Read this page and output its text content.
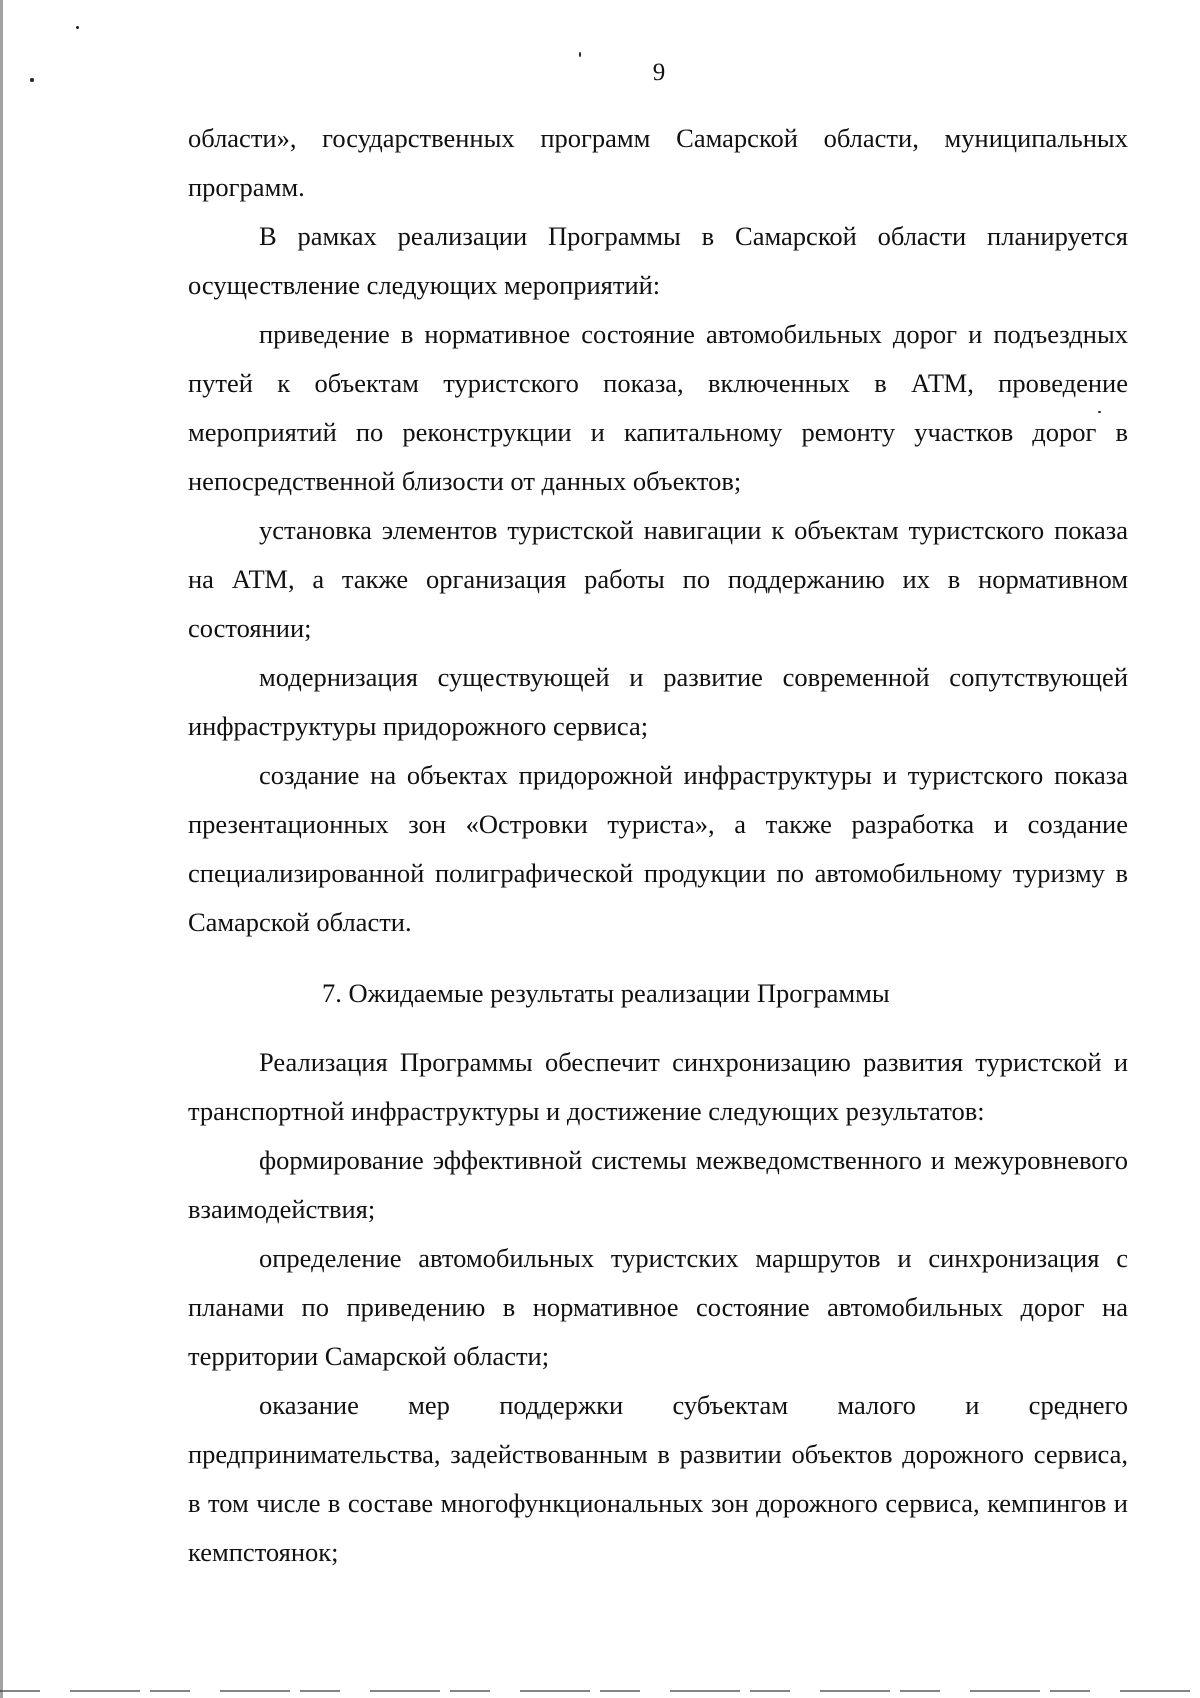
9

области», государственных программ Самарской области, муниципальных программ.

В рамках реализации Программы в Самарской области планируется осуществление следующих мероприятий:

приведение в нормативное состояние автомобильных дорог и подъездных путей к объектам туристского показа, включенных в АТМ, проведение мероприятий по реконструкции и капитальному ремонту участков дорог в непосредственной близости от данных объектов;

установка элементов туристской навигации к объектам туристского показа на АТМ, а также организация работы по поддержанию их в нормативном состоянии;

модернизация существующей и развитие современной сопутствующей инфраструктуры придорожного сервиса;

создание на объектах придорожной инфраструктуры и туристского показа презентационных зон «Островки туриста», а также разработка и создание специализированной полиграфической продукции по автомобильному туризму в Самарской области.

7. Ожидаемые результаты реализации Программы

Реализация Программы обеспечит синхронизацию развития туристской и транспортной инфраструктуры и достижение следующих результатов:

формирование эффективной системы межведомственного и межуровневого взаимодействия;

определение автомобильных туристских маршрутов и синхронизация с планами по приведению в нормативное состояние автомобильных дорог на территории Самарской области;

оказание мер поддержки субъектам малого и среднего предпринимательства, задействованным в развитии объектов дорожного сервиса, в том числе в составе многофункциональных зон дорожного сервиса, кемпингов и кемпстоянок;
